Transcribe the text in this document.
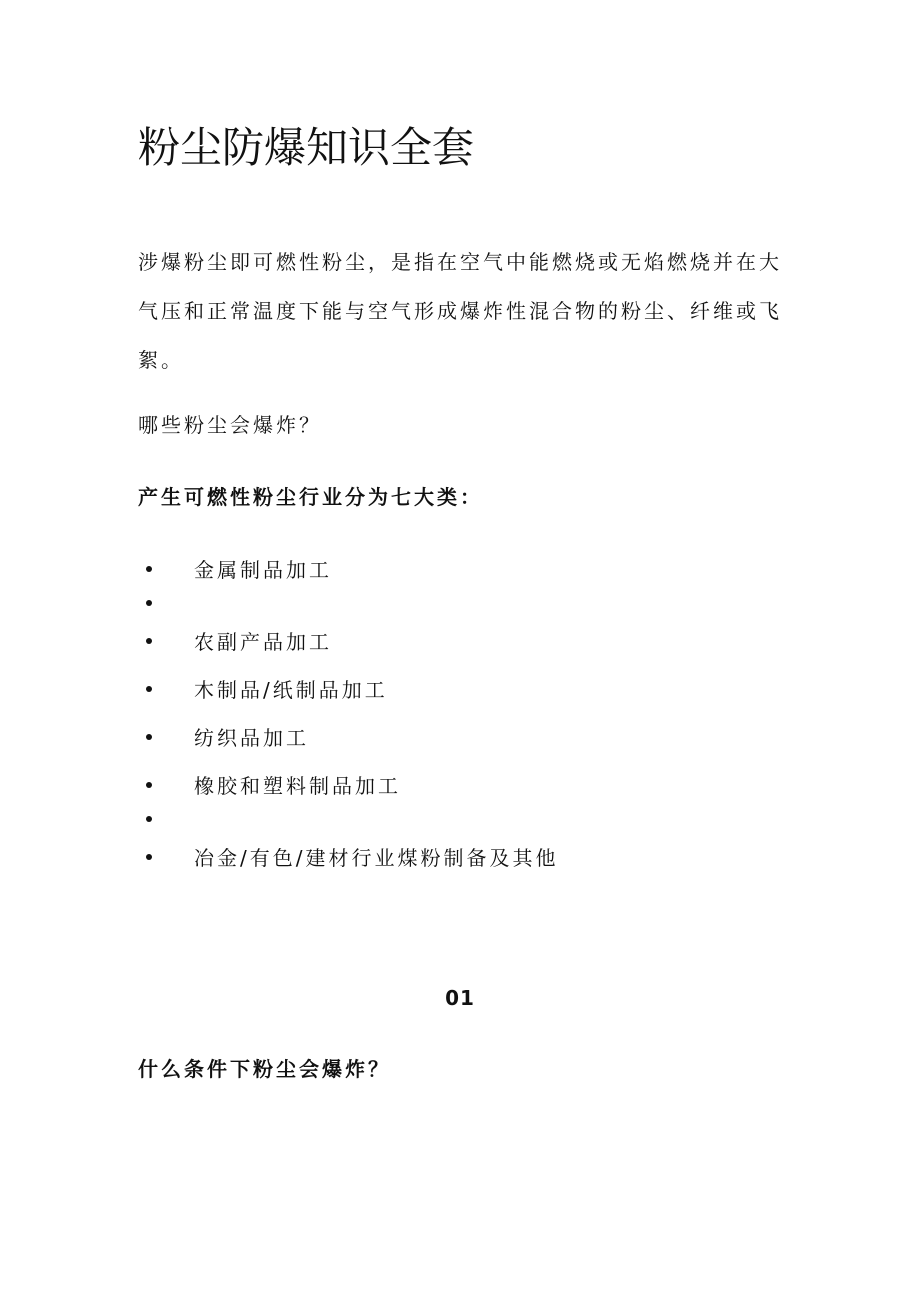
粉尘防爆知识全套

涉爆粉尘即可燃性粉尘，是指在空气中能燃烧或无焰燃烧并在大气压和正常温度下能与空气形成爆炸性混合物的粉尘、纤维或飞絮。

哪些粉尘会爆炸？

产生可燃性粉尘行业分为七大类：
金属制品加工
农副产品加工
木制品/纸制品加工
纺织品加工
橡胶和塑料制品加工
冶金/有色/建材行业煤粉制备及其他
01
什么条件下粉尘会爆炸？
